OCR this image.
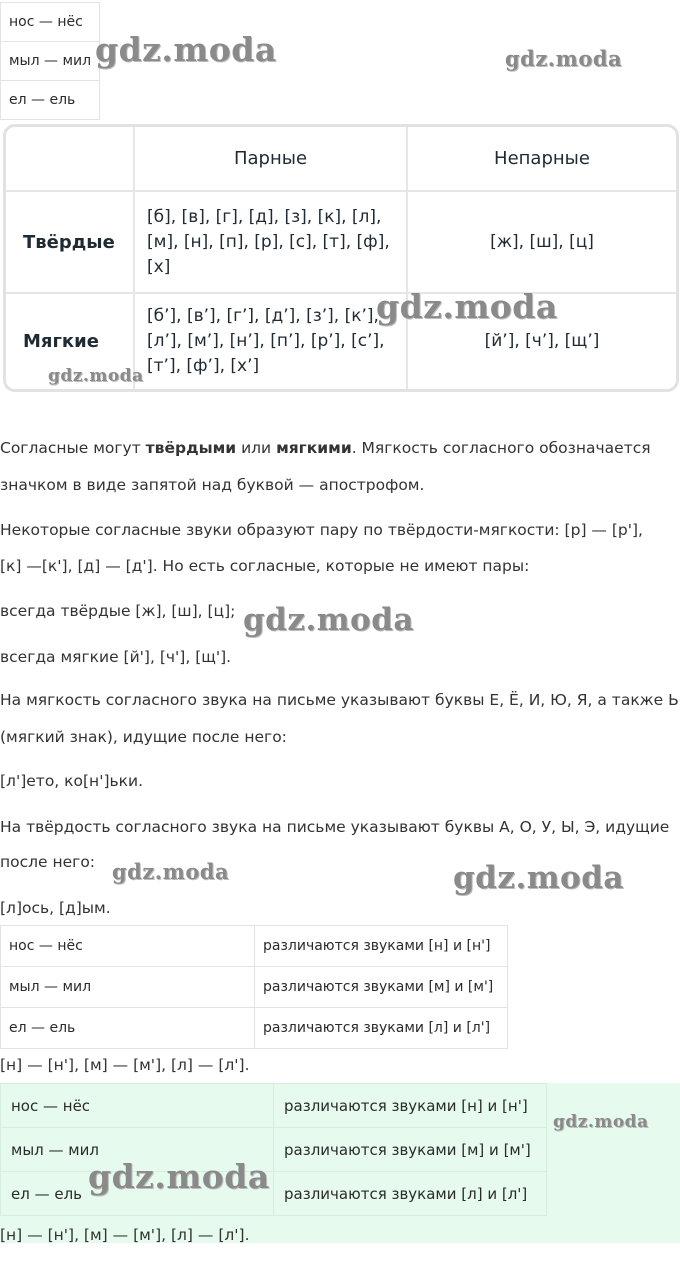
нос — нёс
мыл — мил
ел — ель
	Парные	Непарные
Твёрдые	[б], [в], [г], [д], [з], [к], [л], [м], [н], [п], [р], [с], [т], [ф], [х]	[ж], [ш], [ц]
Мягкие	[б’], [в’], [г’], [д’], [з’], [к’], [л’], [м’], [н’], [п’], [р’], [с’], [т’], [ф’], [х’]	[й’], [ч’], [щ’]
Согласные могут твёрдыми или мягкими. Мягкость согласного обозначается
значком в виде запятой над буквой — апострофом.
Некоторые согласные звуки образуют пару по твёрдости-мягкости: [р] — [р'],
[к] —[к'], [д] — [д']. Но есть согласные, которые не имеют пары:
всегда твёрдые [ж], [ш], [ц];
всегда мягкие [й'], [ч'], [щ'].
На мягкость согласного звука на письме указывают буквы Е, Ё, И, Ю, Я, а также Ь
(мягкий знак), идущие после него:
[л']ето, ко[н']ьки.
На твёрдость согласного звука на письме указывают буквы А, О, У, Ы, Э, идущие
после него:
[л]ось, [д]ым.
нос — нёс	различаются звуками [н] и [н']
мыл — мил	различаются звуками [м] и [м']
ел — ель	различаются звуками [л] и [л']
[н] — [н'], [м] — [м'], [л] — [л'].
нос — нёс	различаются звуками [н] и [н']
мыл — мил	различаются звуками [м] и [м']
ел — ель	различаются звуками [л] и [л']
[н] — [н'], [м] — [м'], [л] — [л'].
gdz.moda	gdz.moda
gdz.moda
gdz.moda
gdz.moda
gdz.moda	gdz.moda
gdz.moda
gdz.moda
